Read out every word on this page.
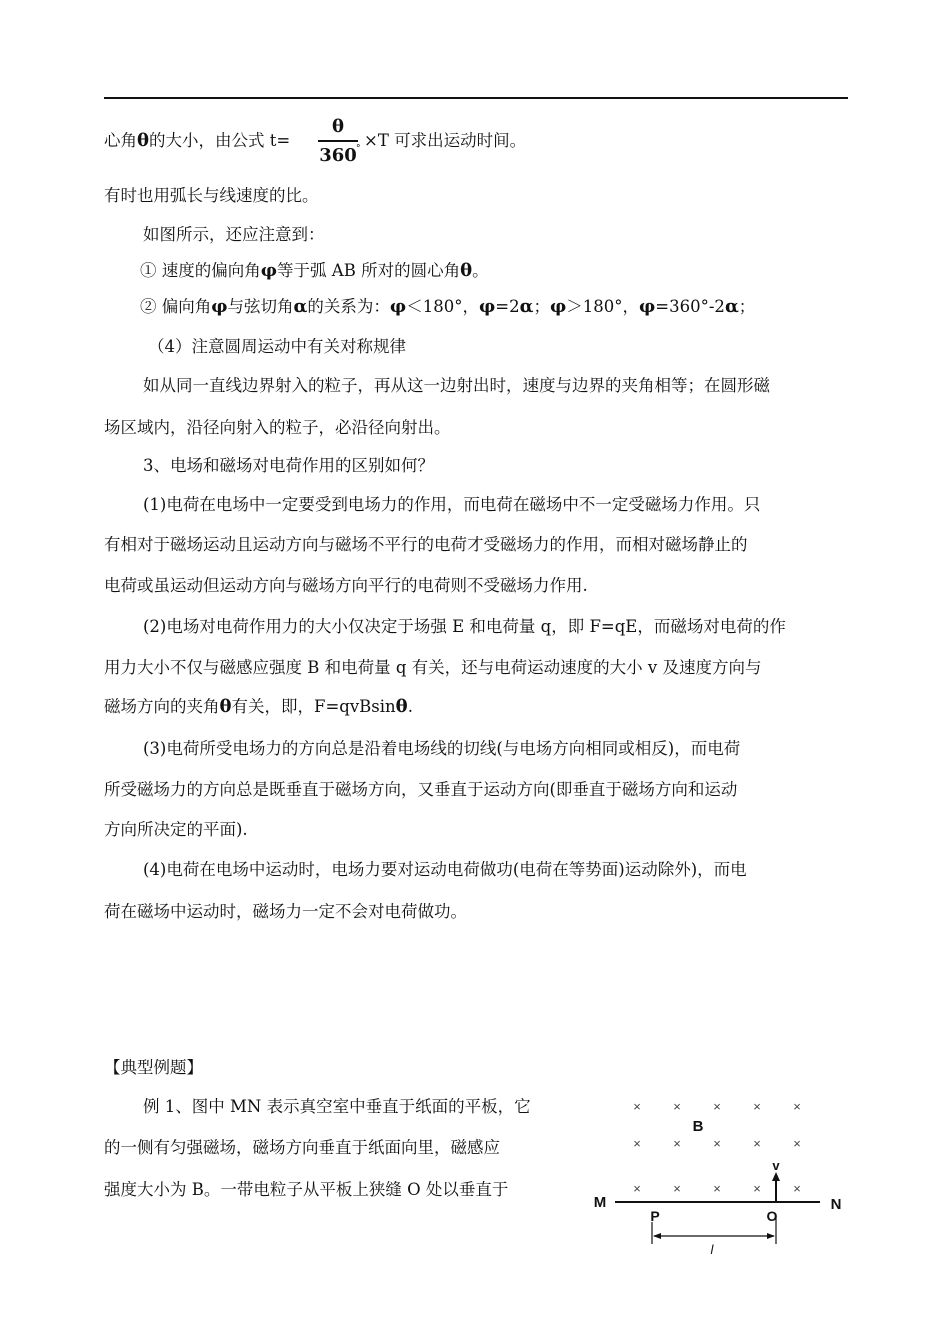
心角θ的大小，由公式 t=
θ
360 ° ×T 可求出运动时间。
有时也用弧长与线速度的比。
如图所示，还应注意到：
① 速度的偏向角φ等于弧 AB 所对的圆心角θ。
② 偏向角φ与弦切角α的关系为：φ＜180°，φ=2α；φ＞180°，φ=360°-2α；
（4）注意圆周运动中有关对称规律
如从同一直线边界射入的粒子，再从这一边射出时，速度与边界的夹角相等；在圆形磁
场区域内，沿径向射入的粒子，必沿径向射出。
3、电场和磁场对电荷作用的区别如何？
(1)电荷在电场中一定要受到电场力的作用，而电荷在磁场中不一定受磁场力作用。只
有相对于磁场运动且运动方向与磁场不平行的电荷才受磁场力的作用，而相对磁场静止的
电荷或虽运动但运动方向与磁场方向平行的电荷则不受磁场力作用.
(2)电场对电荷作用力的大小仅决定于场强 E 和电荷量 q，即 F=qE，而磁场对电荷的作
用力大小不仅与磁感应强度 B 和电荷量 q 有关，还与电荷运动速度的大小 v 及速度方向与
磁场方向的夹角θ有关，即，F=qvBsinθ.
(3)电荷所受电场力的方向总是沿着电场线的切线(与电场方向相同或相反)，而电荷
所受磁场力的方向总是既垂直于磁场方向，又垂直于运动方向(即垂直于磁场方向和运动
方向所决定的平面).
(4)电荷在电场中运动时，电场力要对运动电荷做功(电荷在等势面)运动除外)，而电
荷在磁场中运动时，磁场力一定不会对电荷做功。
【典型例题】
例 1、图中 MN 表示真空室中垂直于纸面的平板，它
的一侧有匀强磁场，磁场方向垂直于纸面向里，磁感应
强度大小为 B。一带电粒子从平板上狭缝 O 处以垂直于
× × × × ×
× × × × ×
× × × × ×
B
M	N
P	O
v
l
